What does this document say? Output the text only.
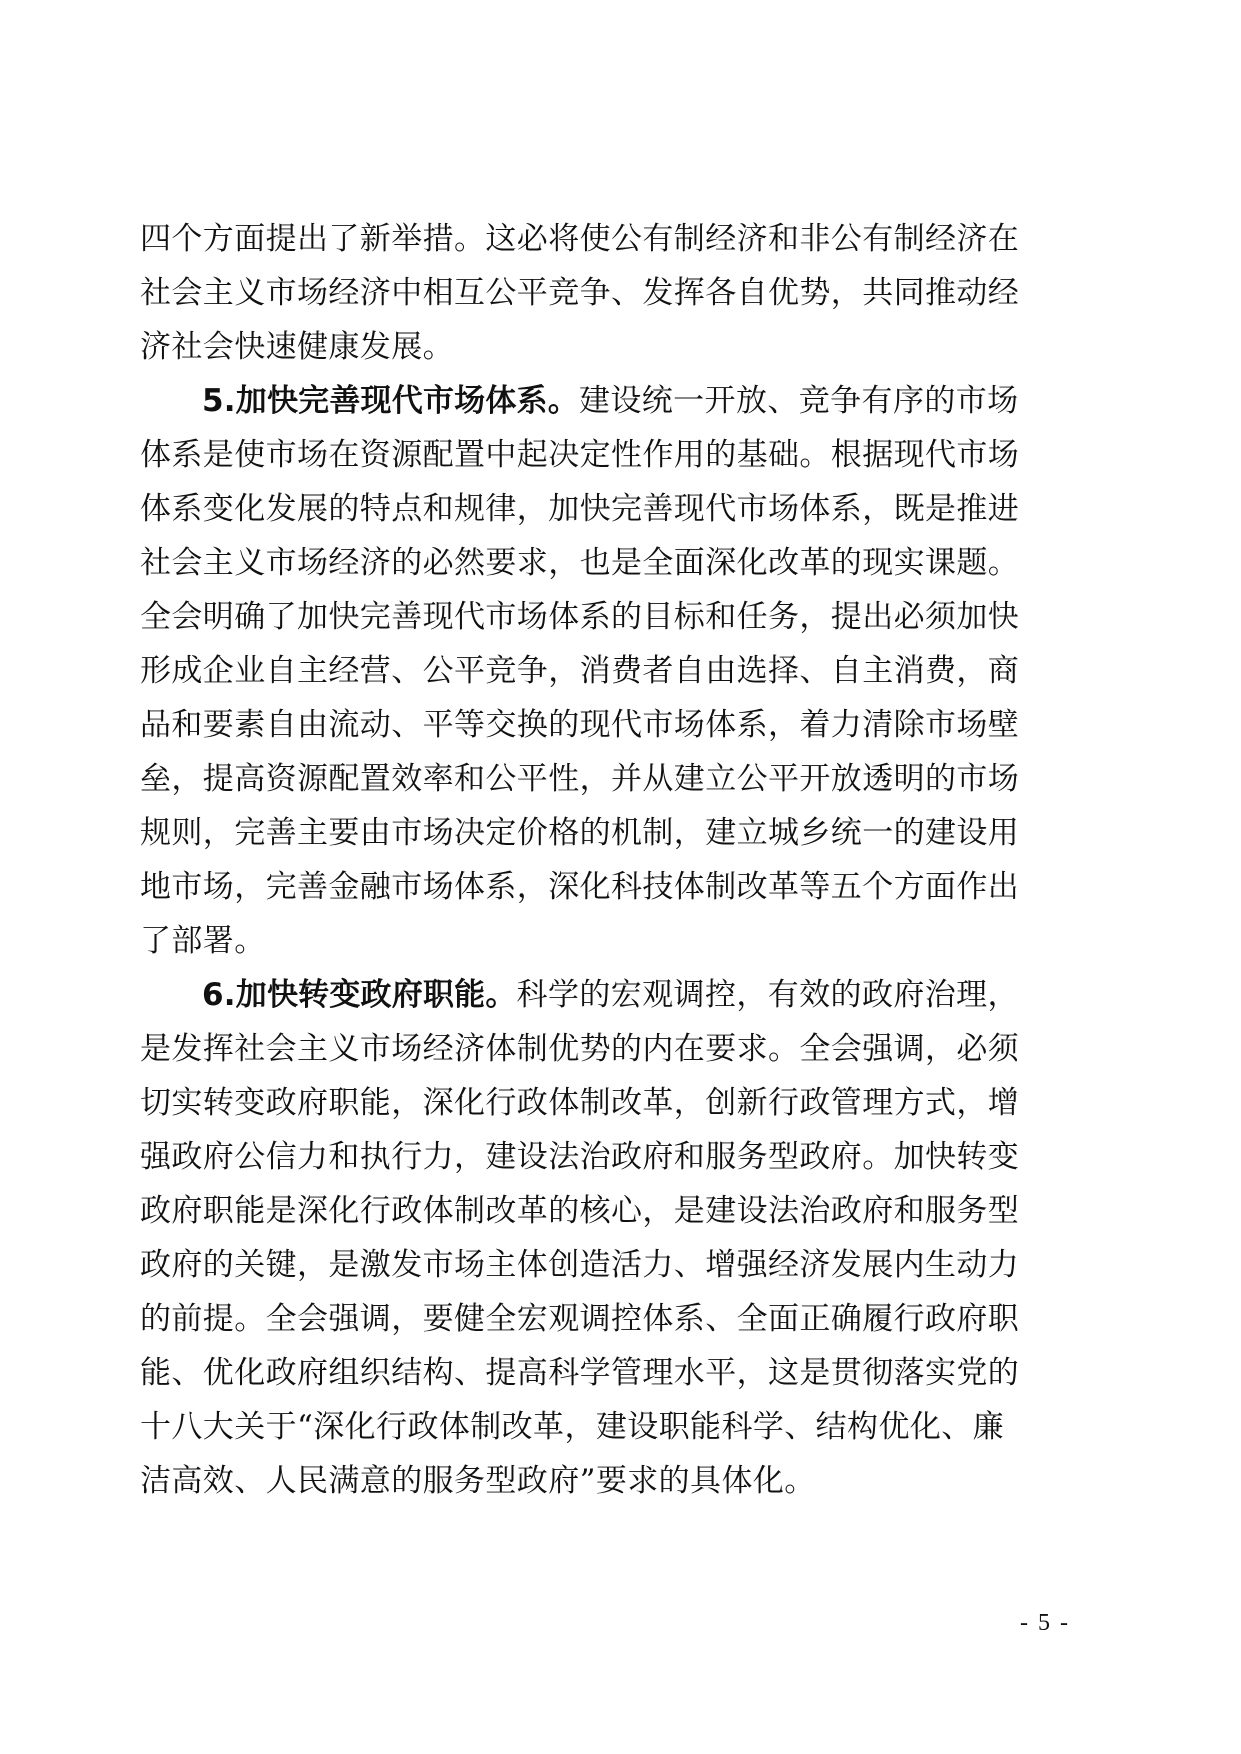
四个方面提出了新举措。这必将使公有制经济和非公有制经济在
社会主义市场经济中相互公平竞争、发挥各自优势，共同推动经
济社会快速健康发展。
5.加快完善现代市场体系。建设统一开放、竞争有序的市场
体系是使市场在资源配置中起决定性作用的基础。根据现代市场
体系变化发展的特点和规律，加快完善现代市场体系，既是推进
社会主义市场经济的必然要求，也是全面深化改革的现实课题。
全会明确了加快完善现代市场体系的目标和任务，提出必须加快
形成企业自主经营、公平竞争，消费者自由选择、自主消费，商
品和要素自由流动、平等交换的现代市场体系，着力清除市场壁
垒，提高资源配置效率和公平性，并从建立公平开放透明的市场
规则，完善主要由市场决定价格的机制，建立城乡统一的建设用
地市场，完善金融市场体系，深化科技体制改革等五个方面作出
了部署。
6.加快转变政府职能。科学的宏观调控，有效的政府治理，
是发挥社会主义市场经济体制优势的内在要求。全会强调，必须
切实转变政府职能，深化行政体制改革，创新行政管理方式，增
强政府公信力和执行力，建设法治政府和服务型政府。加快转变
政府职能是深化行政体制改革的核心，是建设法治政府和服务型
政府的关键，是激发市场主体创造活力、增强经济发展内生动力
的前提。全会强调，要健全宏观调控体系、全面正确履行政府职
能、优化政府组织结构、提高科学管理水平，这是贯彻落实党的
十八大关于“深化行政体制改革，建设职能科学、结构优化、廉
洁高效、人民满意的服务型政府”要求的具体化。
- 5 -
